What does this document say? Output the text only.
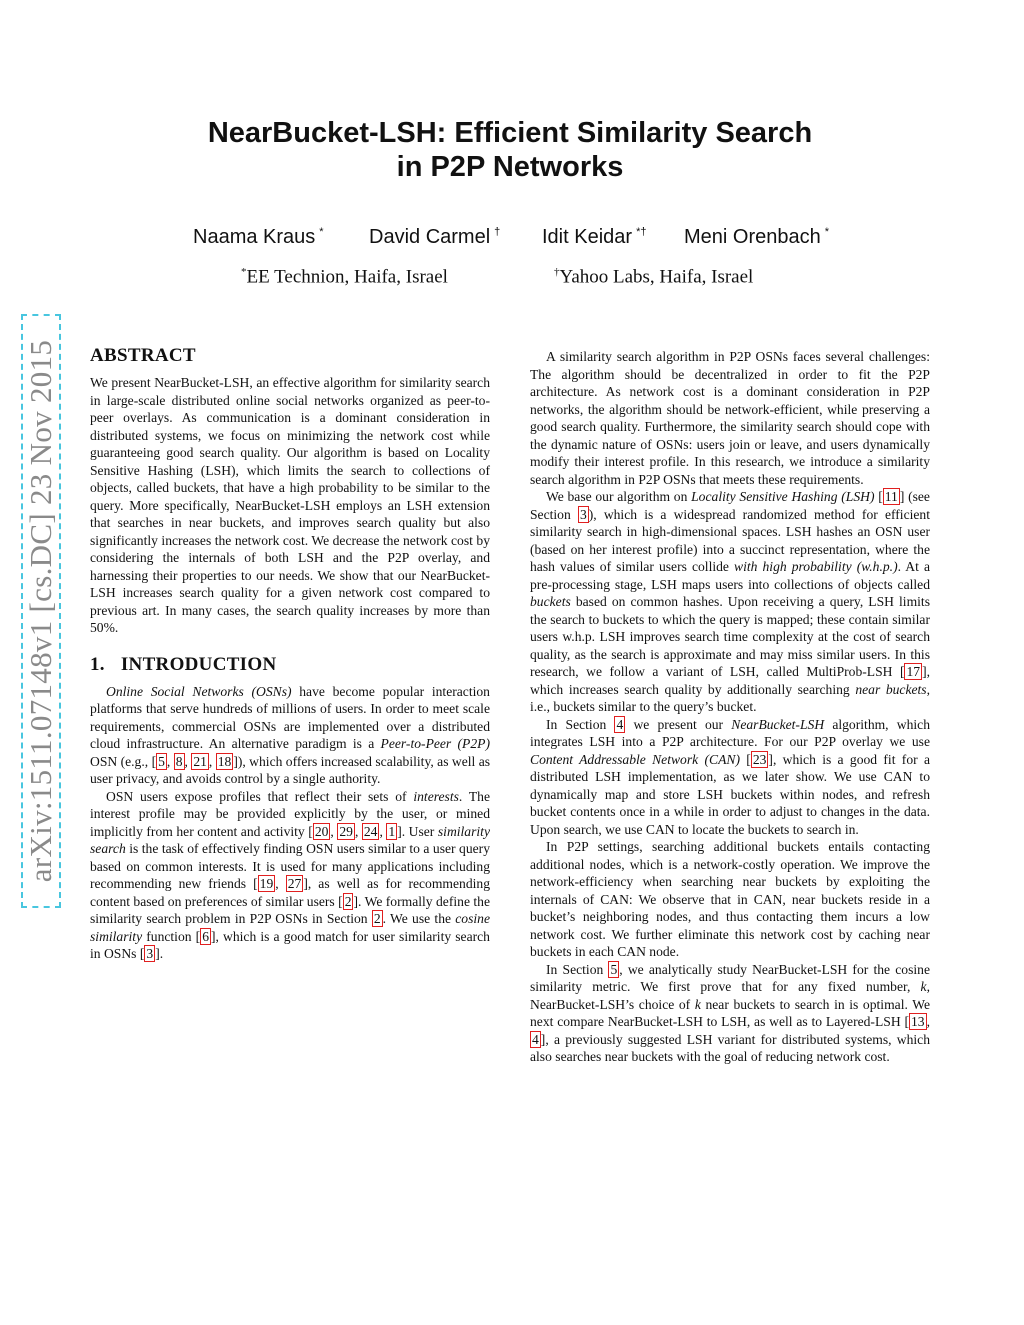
NearBucket-LSH: Efficient Similarity Search
in P2P Networks
Naama Kraus * David Carmel † Idit Keidar *† Meni Orenbach *
*EE Technion, Haifa, Israel	†Yahoo Labs, Haifa, Israel
arXiv:1511.07148v1 [cs.DC] 23 Nov 2015 ABSTRACT

We present NearBucket-LSH, an effective algorithm for similarity search in large-scale distributed online social networks organized as peer-to-peer overlays. As communication is a dominant consideration in distributed systems, we focus on minimizing the network cost while guaranteeing good search quality. Our algorithm is based on Locality Sensitive Hashing (LSH), which limits the search to collections of objects, called buckets, that have a high probability to be similar to the query. More specifically, NearBucket-LSH employs an LSH extension that searches in near buckets, and improves search quality but also significantly increases the network cost. We decrease the network cost by considering the internals of both LSH and the P2P overlay, and harnessing their properties to our needs. We show that our NearBucket-LSH increases search quality for a given network cost compared to previous art. In many cases, the search quality increases by more than 50%.

1. INTRODUCTION

Online Social Networks (OSNs) have become popular interaction platforms that serve hundreds of millions of users. In order to meet scale requirements, commercial OSNs are implemented over a distributed cloud infrastructure. An alternative paradigm is a Peer-to-Peer (P2P) OSN (e.g., [ 5 , 8 , 21 , 18 ]), which offers increased scalability, as well as user privacy, and avoids control by a single authority.

OSN users expose profiles that reflect their sets of interests. The interest profile may be provided explicitly by the user, or mined implicitly from her content and activity [ 20 , 29 , 24 , 1 ]. User similarity search is the task of effectively finding OSN users similar to a user query based on common interests. It is used for many applications including recommending new friends [ 19 , 27 ], as well as for recommending content based on preferences of similar users [ 2 ]. We formally define the similarity search problem in P2P OSNs in Section 2 . We use the cosine similarity function [ 6 ], which is a good match for user similarity search in OSNs [ 3 ].

A similarity search algorithm in P2P OSNs faces several challenges: The algorithm should be decentralized in order to fit the P2P architecture. As network cost is a dominant consideration in P2P networks, the algorithm should be network-efficient, while preserving a good search quality. Furthermore, the similarity search should cope with the dynamic nature of OSNs: users join or leave, and users dynamically modify their interest profile. In this research, we introduce a similarity search algorithm in P2P OSNs that meets these requirements.

We base our algorithm on Locality Sensitive Hashing (LSH) [ 11 ] (see Section 3 ), which is a widespread randomized method for efficient similarity search in high-dimensional spaces. LSH hashes an OSN user (based on her interest profile) into a succinct representation, where the hash values of similar users collide with high probability (w.h.p.). At a pre-processing stage, LSH maps users into collections of objects called buckets based on common hashes. Upon receiving a query, LSH limits the search to buckets to which the query is mapped; these contain similar users w.h.p. LSH improves search time complexity at the cost of search quality, as the search is approximate and may miss similar users. In this research, we follow a variant of LSH, called MultiProb-LSH [ 17 ], which increases search quality by additionally searching near buckets, i.e., buckets similar to the query’s bucket.

In Section 4 we present our NearBucket-LSH algorithm, which integrates LSH into a P2P architecture. For our P2P overlay we use Content Addressable Network (CAN) [ 23 ], which is a good fit for a distributed LSH implementation, as we later show. We use CAN to dynamically map and store LSH buckets within nodes, and refresh bucket contents once in a while in order to adjust to changes in the data. Upon search, we use CAN to locate the buckets to search in.

In P2P settings, searching additional buckets entails contacting additional nodes, which is a network-costly operation. We improve the network-efficiency when searching near buckets by exploiting the internals of CAN: We observe that in CAN, near buckets reside in a bucket’s neighboring nodes, and thus contacting them incurs a low network cost. We further eliminate this network cost by caching near buckets in each CAN node.

In Section 5 , we analytically study NearBucket-LSH for the cosine similarity metric. We first prove that for any fixed number, k, NearBucket-LSH’s choice of k near buckets to search in is optimal. We next compare NearBucket-LSH to LSH, as well as to Layered-LSH [ 13 , 4 ], a previously suggested LSH variant for distributed systems, which also searches near buckets with the goal of reducing network cost.
